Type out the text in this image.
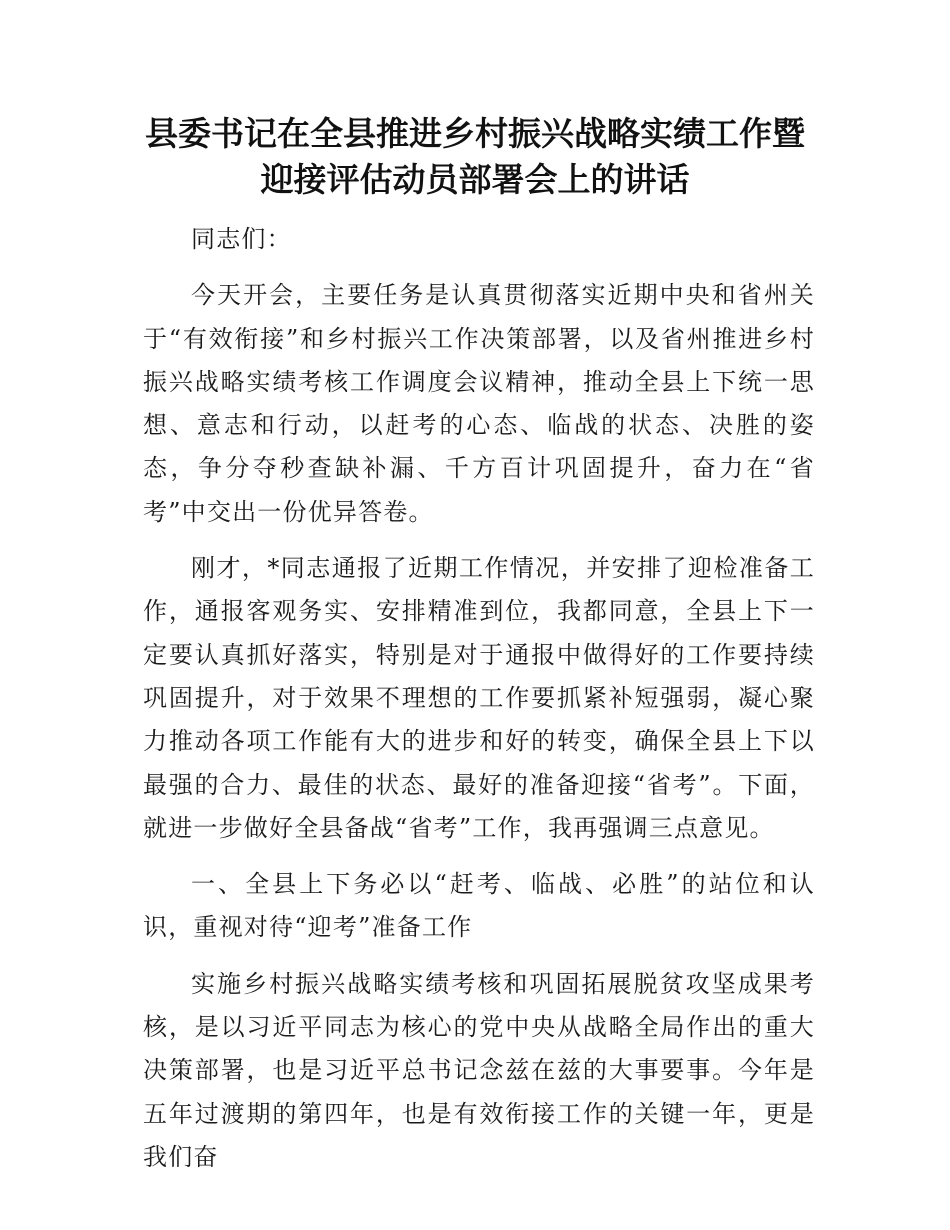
县委书记在全县推进乡村振兴战略实绩工作暨
迎接评估动员部署会上的讲话

同志们：

今天开会，主要任务是认真贯彻落实近期中央和省州关于“有效衔接”和乡村振兴工作决策部署，以及省州推进乡村振兴战略实绩考核工作调度会议精神，推动全县上下统一思想、意志和行动，以赶考的心态、临战的状态、决胜的姿态，争分夺秒查缺补漏、千方百计巩固提升，奋力在“省考”中交出一份优异答卷。

刚才，*同志通报了近期工作情况，并安排了迎检准备工作，通报客观务实、安排精准到位，我都同意，全县上下一定要认真抓好落实，特别是对于通报中做得好的工作要持续巩固提升，对于效果不理想的工作要抓紧补短强弱，凝心聚力推动各项工作能有大的进步和好的转变，确保全县上下以最强的合力、最佳的状态、最好的准备迎接“省考”。下面，就进一步做好全县备战“省考”工作，我再强调三点意见。

一、全县上下务必以“赶考、临战、必胜”的站位和认识，重视对待“迎考”准备工作

实施乡村振兴战略实绩考核和巩固拓展脱贫攻坚成果考核，是以习近平同志为核心的党中央从战略全局作出的重大决策部署，也是习近平总书记念兹在兹的大事要事。今年是五年过渡期的第四年，也是有效衔接工作的关键一年，更是我们奋
